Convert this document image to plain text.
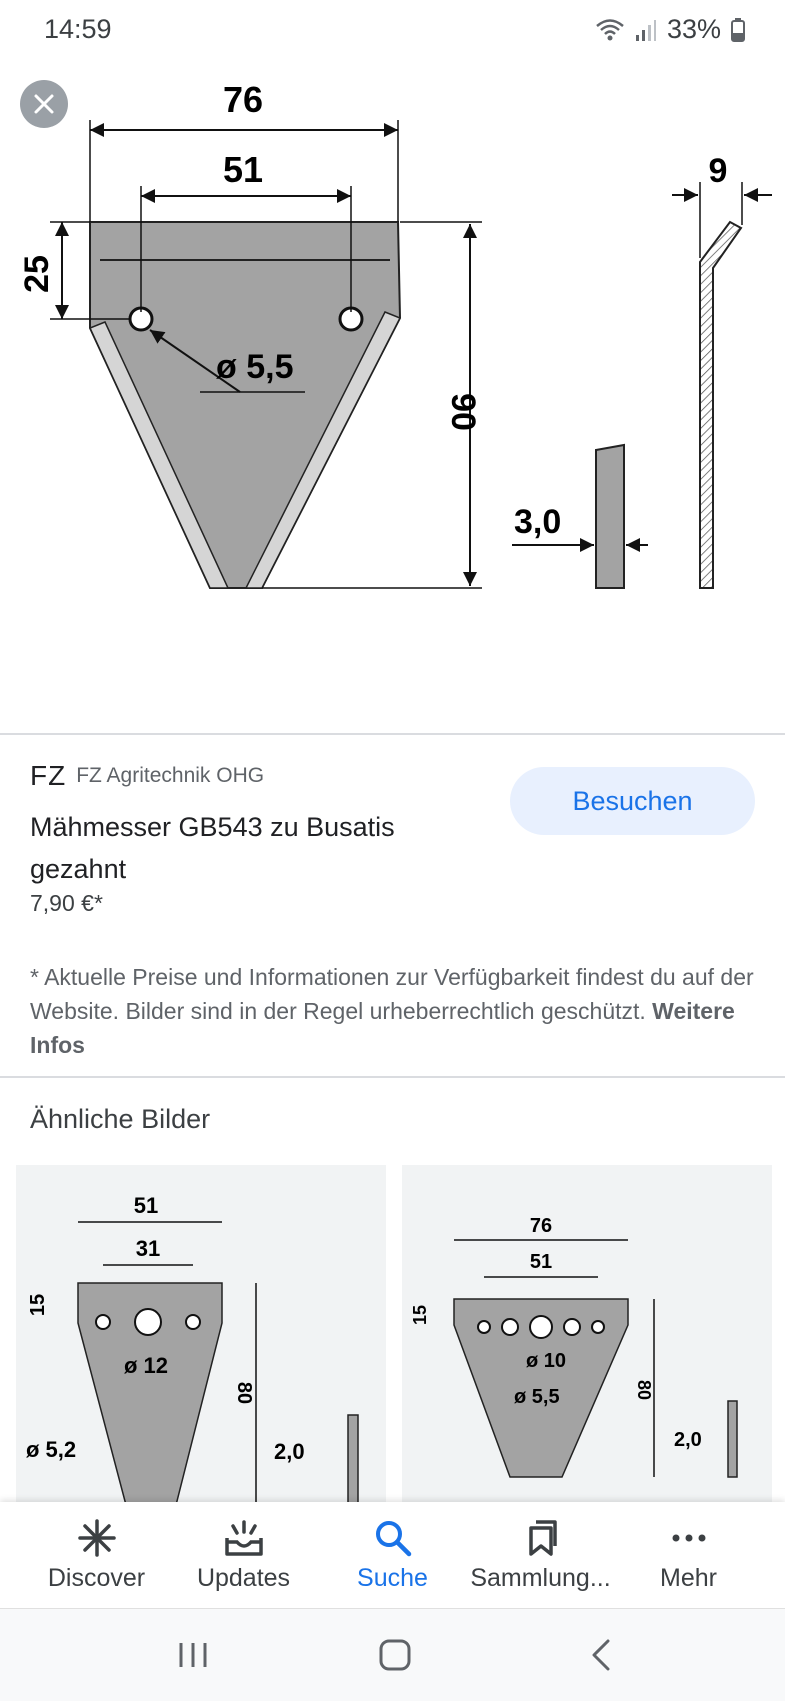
14:59	33%
76
51
25
ø 5,5
90
3,0
9
FZ FZ Agritechnik OHG
Besuchen
Mähmesser GB543 zu Busatis gezahnt
7,90 €*
* Aktuelle Preise und Informationen zur Verfügbarkeit findest du auf der Website. Bilder sind in der Regel urheberrechtlich geschützt. Weitere Infos
Ähnliche Bilder
51
31
15
ø 12
80
ø 5,2	2,0
76
51
15
ø 10
ø 5,5	80
2,0
Discover Updates	Suche Sammlung... Mehr
